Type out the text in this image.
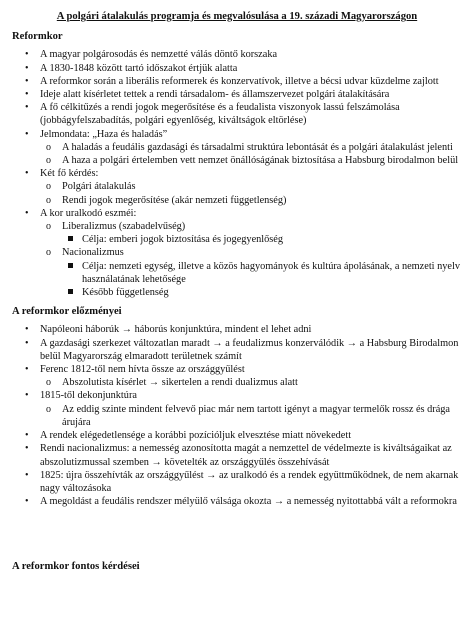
A polgári átalakulás programja és megvalósulása a 19. századi Magyarországon
Reformkor
• A magyar polgárosodás és nemzetté válás döntő korszaka
• A 1830-1848 között tartó időszakot értjük alatta
• A reformkor során a liberális reformerek és konzervatívok, illetve a bécsi udvar küzdelme zajlott
• Ideje alatt kísérletet tettek a rendi társadalom- és államszervezet polgári átalakítására
• A fő célkitűzés a rendi jogok megerősítése és a feudalista viszonyok lassú felszámolása (jobbágyfelszabadítás, polgári egyenlőség, kiváltságok eltörlése)
• Jelmondata: „Haza és haladás”
o A haladás a feudális gazdasági és társadalmi struktúra lebontását és a polgári átalakulást jelenti
o A haza a polgári értelemben vett nemzet önállóságának biztosítása a Habsburg birodalmon belül
• Két fő kérdés:
o Polgári átalakulás
o Rendi jogok megerősítése (akár nemzeti függetlenség)
• A kor uralkodó eszméi:
o Liberalizmus (szabadelvűség)
Célja: emberi jogok biztosítása és jogegyenlőség
o Nacionalizmus
Célja: nemzeti egység, illetve a közös hagyományok és kultúra ápolásának, a nemzeti nyelv használatának lehetősége
Később függetlenség
A reformkor előzményei
• Napóleoni háborúk → háborús konjunktúra, mindent el lehet adni
• A gazdasági szerkezet változatlan maradt → a feudalizmus konzerválódik → a Habsburg Birodalmon belül Magyarország elmaradott területnek számít
• Ferenc 1812-től nem hívta össze az országgyűlést
o Abszolutista kísérlet → sikertelen a rendi dualizmus alatt
• 1815-től dekonjunktúra
o Az eddig szinte mindent felvevő piac már nem tartott igényt a magyar termelők rossz és drága árujára
• A rendek elégedetlensége a korábbi pozícióljuk elvesztése miatt növekedett
• Rendi nacionalizmus: a nemesség azonosította magát a nemzettel de védelmezte is kiváltságaikat az abszolutizmussal szemben → követelték az országgyűlés összehívását
• 1825: újra összehívták az országgyűlést → az uralkodó és a rendek együttműködnek, de nem akarnak nagy változásoka
• A megoldást a feudális rendszer mélyülő válsága okozta → a nemesség nyitottabbá vált a reformokra
A reformkor fontos kérdései
